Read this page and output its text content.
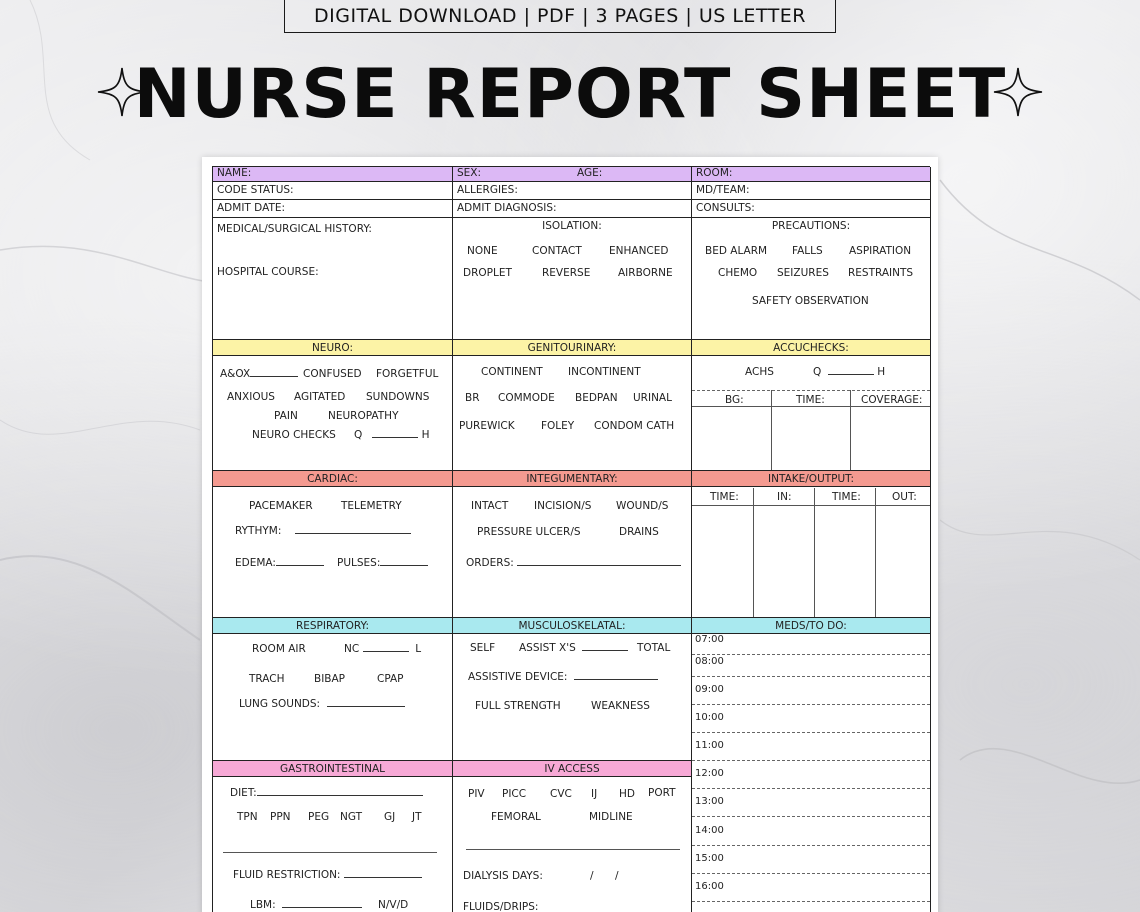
DIGITAL DOWNLOAD | PDF | 3 PAGES | US LETTER
NURSE REPORT SHEET
NAME:	SEX:	AGE:	ROOM:
CODE STATUS:	ALLERGIES:	MD/TEAM:
ADMIT DATE:	ADMIT DIAGNOSIS:	CONSULTS:
MEDICAL/SURGICAL HISTORY:
HOSPITAL COURSE:
ISOLATION:
NONE	CONTACT	ENHANCED
DROPLET	REVERSE	AIRBORNE
PRECAUTIONS:
BED ALARM FALLS	ASPIRATION
CHEMO SEIZURES RESTRAINTS
SAFETY OBSERVATION
NEURO:
A&OX	CONFUSED FORGETFUL
ANXIOUS AGITATED SUNDOWNS
PAIN	NEUROPATHY
NEURO CHECKS Q	H
GENITOURINARY:
CONTINENT INCONTINENT
BR COMMODE BEDPAN URINAL
PUREWICK	FOLEY CONDOM CATH
ACCUCHECKS:
ACHS	Q	H
BG:	TIME:	COVERAGE:
CARDIAC:
PACEMAKER	TELEMETRY
RYTHYM:
EDEMA:	PULSES:
INTEGUMENTARY:
INTACT INCISION/S WOUND/S
PRESSURE ULCER/S	DRAINS
ORDERS:
INTAKE/OUTPUT:
TIME:	IN:	TIME:	OUT:
RESPIRATORY:
ROOM AIR	NC	L
TRACH	BIBAP	CPAP
LUNG SOUNDS:
MUSCULOSKELATAL:
SELF ASSIST X'S	TOTAL
ASSISTIVE DEVICE:
FULL STRENGTH	WEAKNESS
MEDS/TO DO:
07:00
08:00
09:00
10:00
11:00
12:00
13:00
14:00
15:00
16:00
GASTROINTESTINAL
DIET:
TPN PPN PEG NGT GJ JT
FLUID RESTRICTION:
LBM:	N/V/D
IV ACCESS
PIV PICC CVC IJ HD PORT
FEMORAL	MIDLINE
DIALYSIS DAYS:	/ /
FLUIDS/DRIPS:
